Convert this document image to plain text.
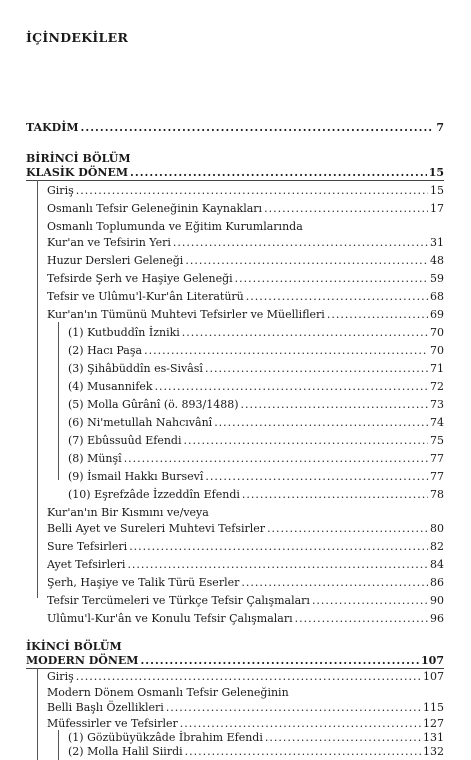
İÇİNDEKİLER
TAKDİM .....	7
BİRİNCİ BÖLÜM
KLASİK DÖNEM .....	15
Giriş .....	15
Osmanlı Tefsir Geleneğinin Kaynakları .....	17
Osmanlı Toplumunda ve Eğitim Kurumlarında
Kur'an ve Tefsirin Yeri .....	31
Huzur Dersleri Geleneği .....	48
Tefsirde Şerh ve Haşiye Geleneği .....	59
Tefsir ve Ulûmu'l-Kur'ân Literatürü .....	68
Kur'an'ın Tümünü Muhtevi Tefsirler ve Müellifleri .....	69
(1) Kutbuddîn İzniki .....	70
(2) Hacı Paşa .....	70
(3) Şihâbüddîn es-Sivâsî .....	71
(4) Musannifek .....	72
(5) Molla Gûrânî (ö. 893/1488) .....	73
(6) Ni'metullah Nahcıvânî .....	74
(7) Ebûssuûd Efendi .....	75
(8) Münşî .....	77
(9) İsmail Hakkı Bursevî .....	77
(10) Eşrefzâde İzzeddîn Efendi .....	78
Kur'an'ın Bir Kısmını ve/veya
Belli Ayet ve Sureleri Muhtevi Tefsirler .....	80
Sure Tefsirleri .....	82
Ayet Tefsirleri .....	84
Şerh, Haşiye ve Talik Türü Eserler .....	86
Tefsir Tercümeleri ve Türkçe Tefsir Çalışmaları .....	90
Ulûmu'l-Kur'ân ve Konulu Tefsir Çalışmaları .....	96
İKİNCİ BÖLÜM
MODERN DÖNEM .....	107
Giriş .....	107
Modern Dönem Osmanlı Tefsir Geleneğinin
Belli Başlı Özellikleri .....	115
Müfessirler ve Tefsirler .....	127
(1) Gözübüyükzâde İbrahim Efendi .....	131
(2) Molla Halil Siirdi .....	132
